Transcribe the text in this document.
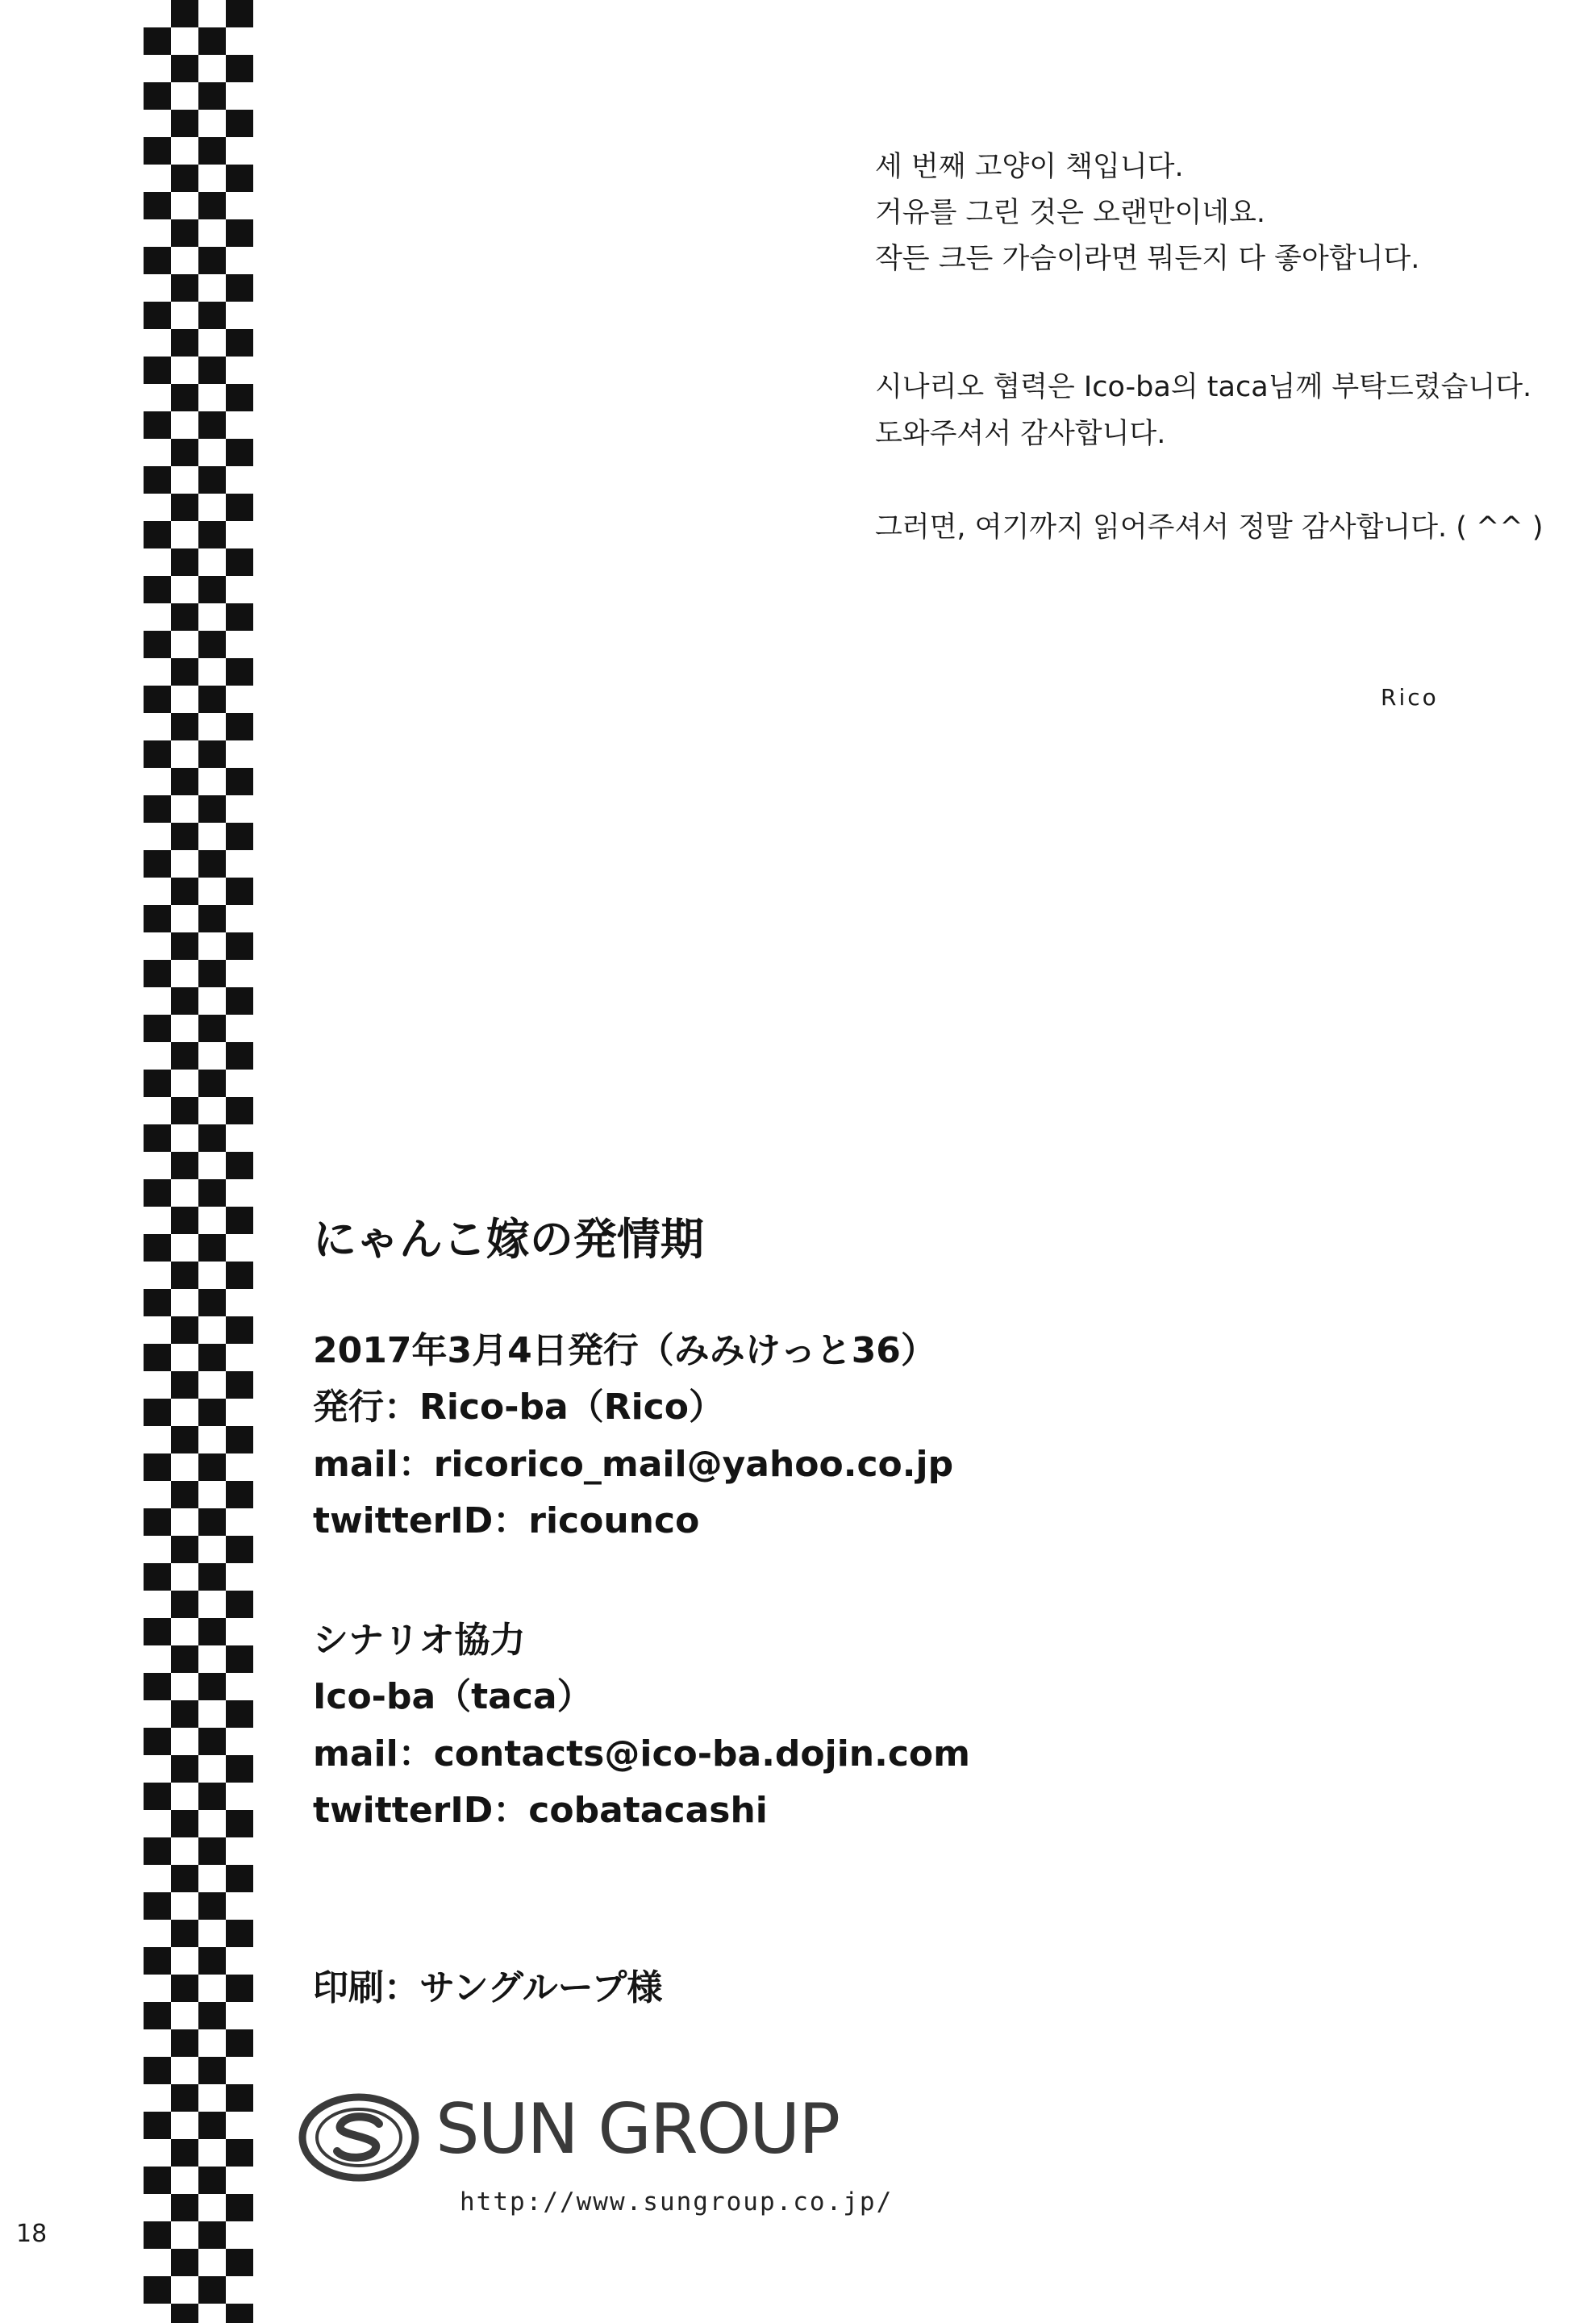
세 번째 고양이 책입니다.
거유를 그린 것은 오랜만이네요.
작든 크든 가슴이라면 뭐든지 다 좋아합니다.
시나리오 협력은 Ico-ba의 taca님께 부탁드렸습니다.
도와주셔서 감사합니다.
그러면, 여기까지 읽어주셔서 정말 감사합니다. ( ^^ )
Rico
にゃんこ嫁の発情期
2017年3月4日発行（みみけっと36）
発行：Rico-ba（Rico）
mail：ricorico_mail@yahoo.co.jp
twitterID：ricounco
シナリオ協力
Ico-ba（taca）
mail：contacts@ico-ba.dojin.com
twitterID：cobatacashi
印刷：サングループ様
SUN GROUP
http://www.sungroup.co.jp/
18
